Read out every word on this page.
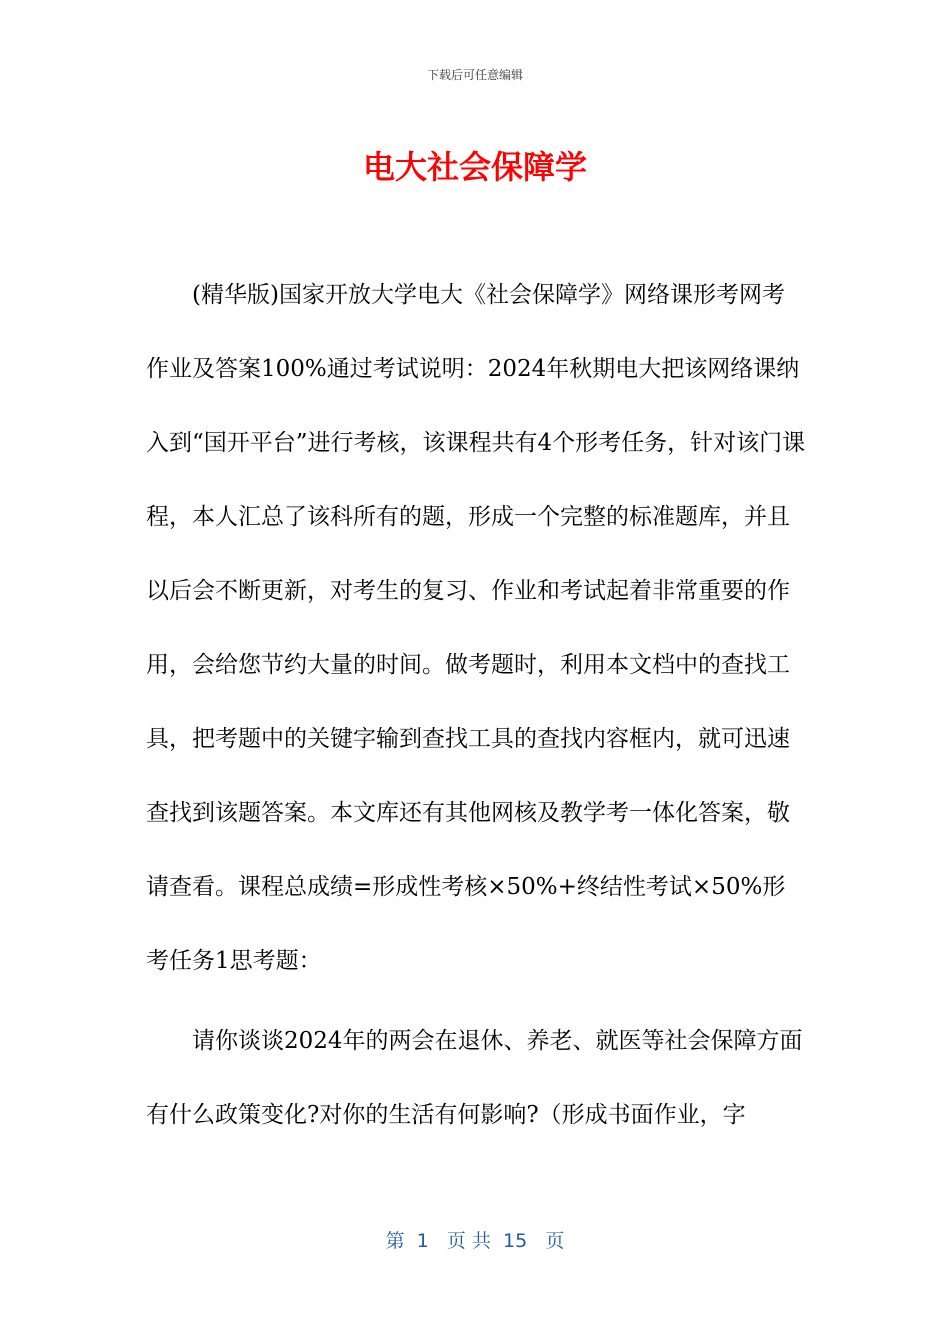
下载后可任意编辑
电大社会保障学

(精华版)国家开放大学电大《社会保障学》网络课形考网考作业及答案100%通过考试说明：2024年秋期电大把该网络课纳入到“国开平台”进行考核，该课程共有4个形考任务，针对该门课程，本人汇总了该科所有的题，形成一个完整的标准题库，并且以后会不断更新，对考生的复习、作业和考试起着非常重要的作用，会给您节约大量的时间。做考题时，利用本文档中的查找工具，把考题中的关键字输到查找工具的查找内容框内，就可迅速查找到该题答案。本文库还有其他网核及教学考一体化答案，敬请查看。课程总成绩=形成性考核×50%+终结性考试×50%形考任务1思考题：

请你谈谈2024年的两会在退休、养老、就医等社会保障方面有什么政策变化?对你的生活有何影响?（形成书面作业，字

第  1   页 共  15   页
